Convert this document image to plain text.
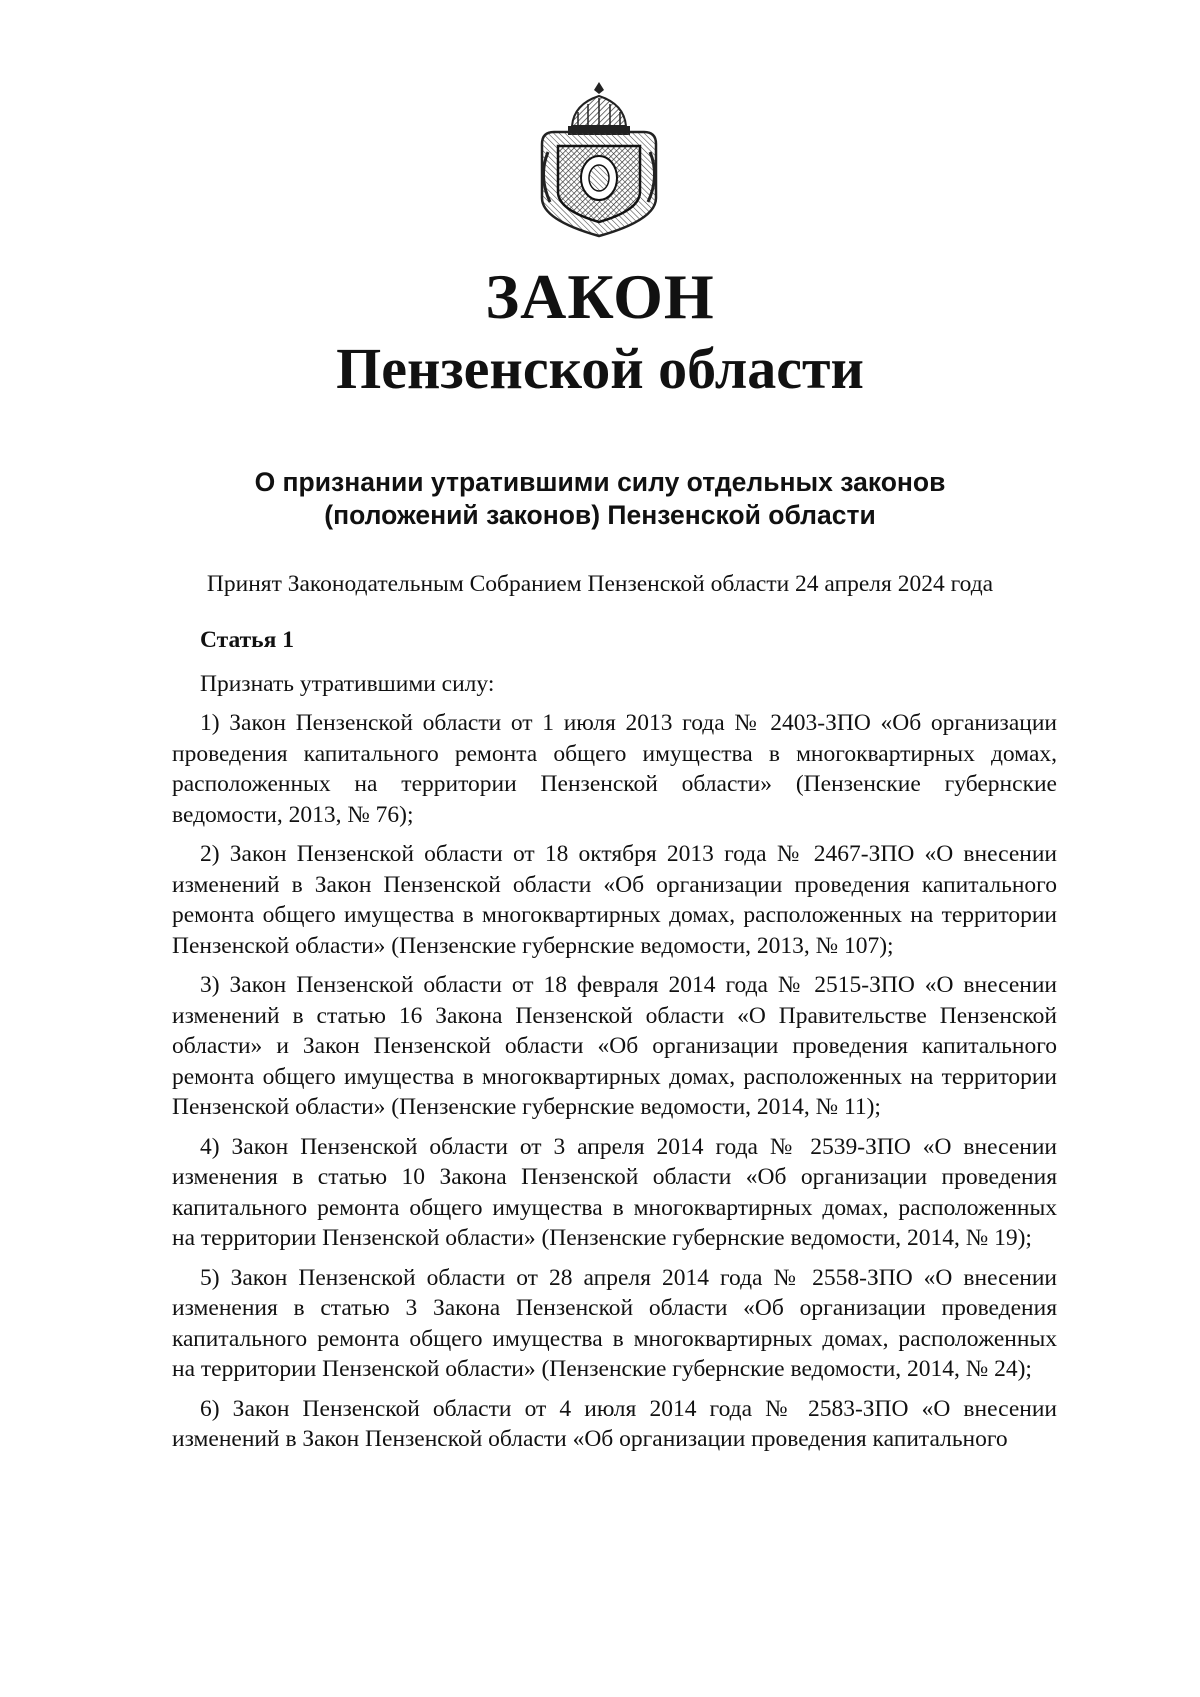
ЗАКОН
Пензенской области
О признании утратившими силу отдельных законов
(положений законов) Пензенской области

Принят Законодательным Собранием Пензенской области 24 апреля 2024 года

Статья 1

Признать утратившими силу:

1) Закон Пензенской области от 1 июля 2013 года № 2403-ЗПО «Об организации проведения капитального ремонта общего имущества в многоквартирных домах, расположенных на территории Пензенской области» (Пензенские губернские ведомости, 2013, № 76);

2) Закон Пензенской области от 18 октября 2013 года № 2467-ЗПО «О внесении изменений в Закон Пензенской области «Об организации проведения капитального ремонта общего имущества в многоквартирных домах, расположенных на территории Пензенской области» (Пензенские губернские ведомости, 2013, № 107);

3) Закон Пензенской области от 18 февраля 2014 года № 2515-ЗПО «О внесении изменений в статью 16 Закона Пензенской области «О Правительстве Пензенской области» и Закон Пензенской области «Об организации проведения капитального ремонта общего имущества в многоквартирных домах, расположенных на территории Пензенской области» (Пензенские губернские ведомости, 2014, № 11);

4) Закон Пензенской области от 3 апреля 2014 года № 2539-ЗПО «О внесении изменения в статью 10 Закона Пензенской области «Об организации проведения капитального ремонта общего имущества в многоквартирных домах, расположенных на территории Пензенской области» (Пензенские губернские ведомости, 2014, № 19);

5) Закон Пензенской области от 28 апреля 2014 года № 2558-ЗПО «О внесении изменения в статью 3 Закона Пензенской области «Об организации проведения капитального ремонта общего имущества в многоквартирных домах, расположенных на территории Пензенской области» (Пензенские губернские ведомости, 2014, № 24);

6) Закон Пензенской области от 4 июля 2014 года № 2583-ЗПО «О внесении изменений в Закон Пензенской области «Об организации проведения капитального
